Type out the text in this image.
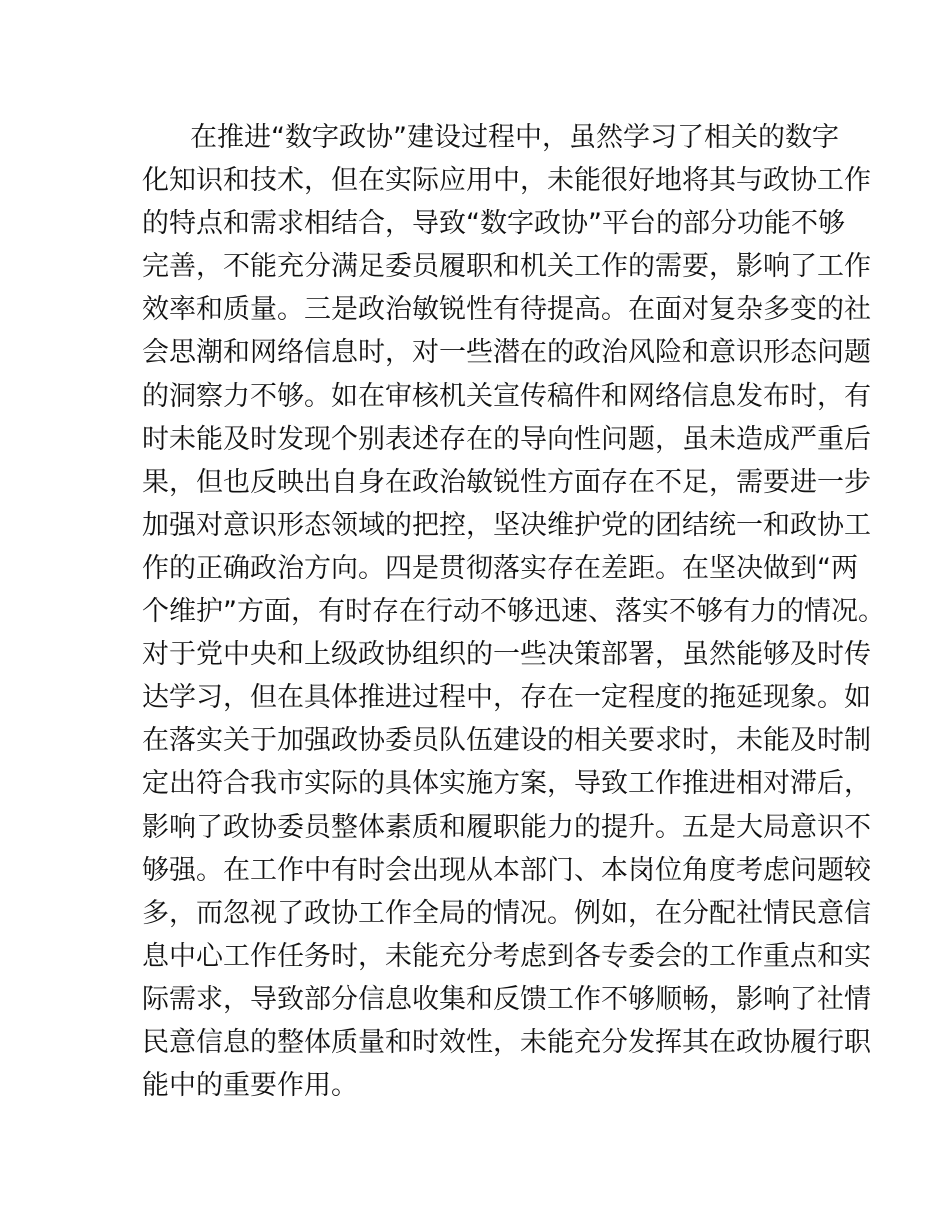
在推进“数字政协”建设过程中，虽然学习了相关的数字
化知识和技术，但在实际应用中，未能很好地将其与政协工作
的特点和需求相结合，导致“数字政协”平台的部分功能不够
完善，不能充分满足委员履职和机关工作的需要，影响了工作
效率和质量。三是政治敏锐性有待提高。在面对复杂多变的社
会思潮和网络信息时，对一些潜在的政治风险和意识形态问题
的洞察力不够。如在审核机关宣传稿件和网络信息发布时，有
时未能及时发现个别表述存在的导向性问题，虽未造成严重后
果，但也反映出自身在政治敏锐性方面存在不足，需要进一步
加强对意识形态领域的把控，坚决维护党的团结统一和政协工
作的正确政治方向。四是贯彻落实存在差距。在坚决做到“两
个维护”方面，有时存在行动不够迅速、落实不够有力的情况。
对于党中央和上级政协组织的一些决策部署，虽然能够及时传
达学习，但在具体推进过程中，存在一定程度的拖延现象。如
在落实关于加强政协委员队伍建设的相关要求时，未能及时制
定出符合我市实际的具体实施方案，导致工作推进相对滞后，
影响了政协委员整体素质和履职能力的提升。五是大局意识不
够强。在工作中有时会出现从本部门、本岗位角度考虑问题较
多，而忽视了政协工作全局的情况。例如，在分配社情民意信
息中心工作任务时，未能充分考虑到各专委会的工作重点和实
际需求，导致部分信息收集和反馈工作不够顺畅，影响了社情
民意信息的整体质量和时效性，未能充分发挥其在政协履行职
能中的重要作用。
